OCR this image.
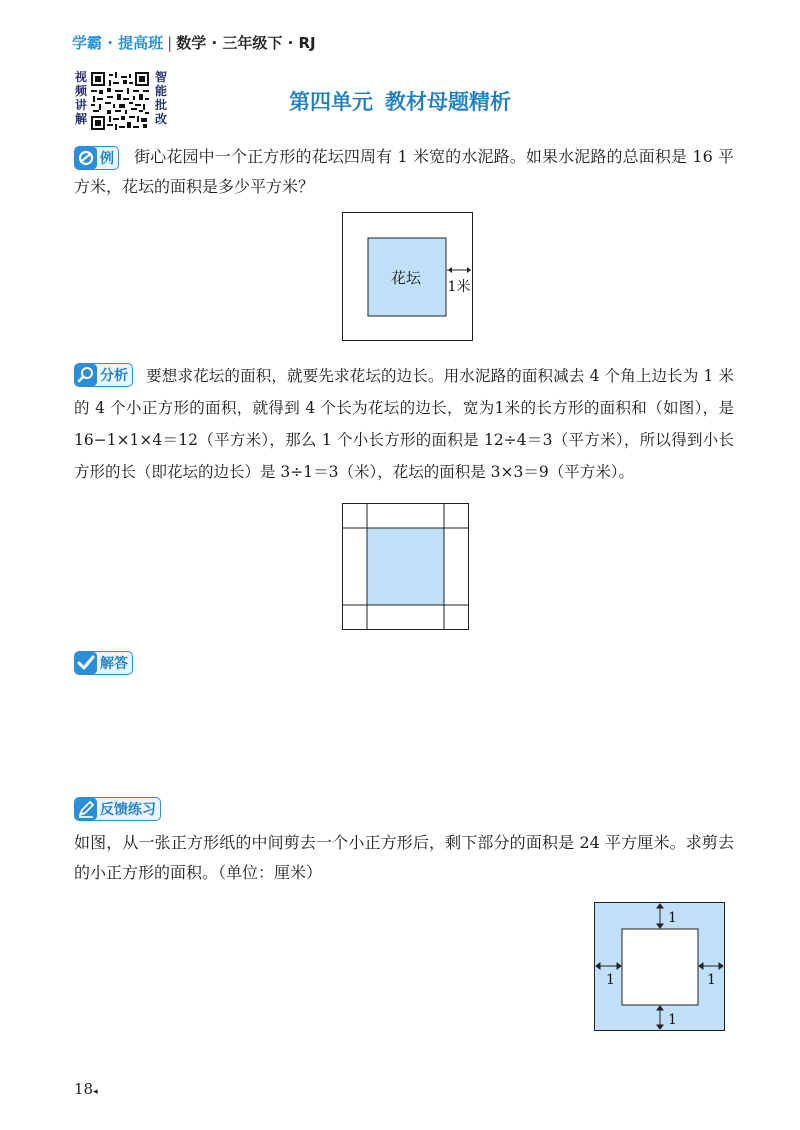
学霸 · 提高班 | 数学 · 三年级下 · RJ
视
频
讲
解
智
能
批
改
第四单元 教材母题精析
例	街心花园中一个正方形的花坛四周有 1 米宽的水泥路。如果水泥路的总面积是 16 平方米，花坛的面积是多少平方米？
花坛 1米
分析	要想求花坛的面积，就要先求花坛的边长。用水泥路的面积减去 4 个角上边长为 1 米的 4 个小正方形的面积，就得到 4 个长为花坛的边长，宽为1米的长方形的面积和（如图），是 16−1×1×4＝12（平方米），那么 1 个小长方形的面积是 12÷4＝3（平方米），所以得到小长方形的长（即花坛的边长）是 3÷1＝3（米），花坛的面积是 3×3＝9（平方米）。
解答
反馈练习
如图，从一张正方形纸的中间剪去一个小正方形后，剩下部分的面积是 24 平方厘米。求剪去的小正方形的面积。（单位：厘米）
1
1
1	1
18◂
